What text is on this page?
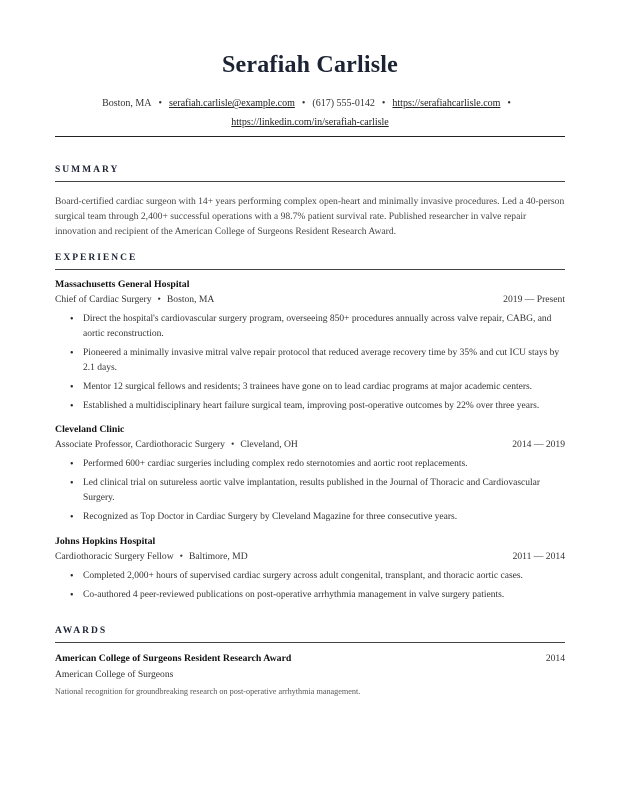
Serafiah Carlisle
Boston, MA • serafiah.carlisle@example.com • (617) 555-0142 • https://serafiahcarlisle.com •
https://linkedin.com/in/serafiah-carlisle
SUMMARY
Board-certified cardiac surgeon with 14+ years performing complex open-heart and minimally invasive procedures. Led a 40-person surgical team through 2,400+ successful operations with a 98.7% patient survival rate. Published researcher in valve repair innovation and recipient of the American College of Surgeons Resident Research Award.
EXPERIENCE
Massachusetts General Hospital
Chief of Cardiac Surgery • Boston, MA	2019 — Present
• Direct the hospital's cardiovascular surgery program, overseeing 850+ procedures annually across valve repair, CABG, and aortic reconstruction.
• Pioneered a minimally invasive mitral valve repair protocol that reduced average recovery time by 35% and cut ICU stays by 2.1 days.
• Mentor 12 surgical fellows and residents; 3 trainees have gone on to lead cardiac programs at major academic centers.
• Established a multidisciplinary heart failure surgical team, improving post-operative outcomes by 22% over three years.
Cleveland Clinic
Associate Professor, Cardiothoracic Surgery • Cleveland, OH	2014 — 2019
• Performed 600+ cardiac surgeries including complex redo sternotomies and aortic root replacements.
• Led clinical trial on sutureless aortic valve implantation, results published in the Journal of Thoracic and Cardiovascular Surgery.
• Recognized as Top Doctor in Cardiac Surgery by Cleveland Magazine for three consecutive years.
Johns Hopkins Hospital
Cardiothoracic Surgery Fellow • Baltimore, MD	2011 — 2014
• Completed 2,000+ hours of supervised cardiac surgery across adult congenital, transplant, and thoracic aortic cases.
• Co-authored 4 peer-reviewed publications on post-operative arrhythmia management in valve surgery patients.
AWARDS
American College of Surgeons Resident Research Award	2014
American College of Surgeons
National recognition for groundbreaking research on post-operative arrhythmia management.
